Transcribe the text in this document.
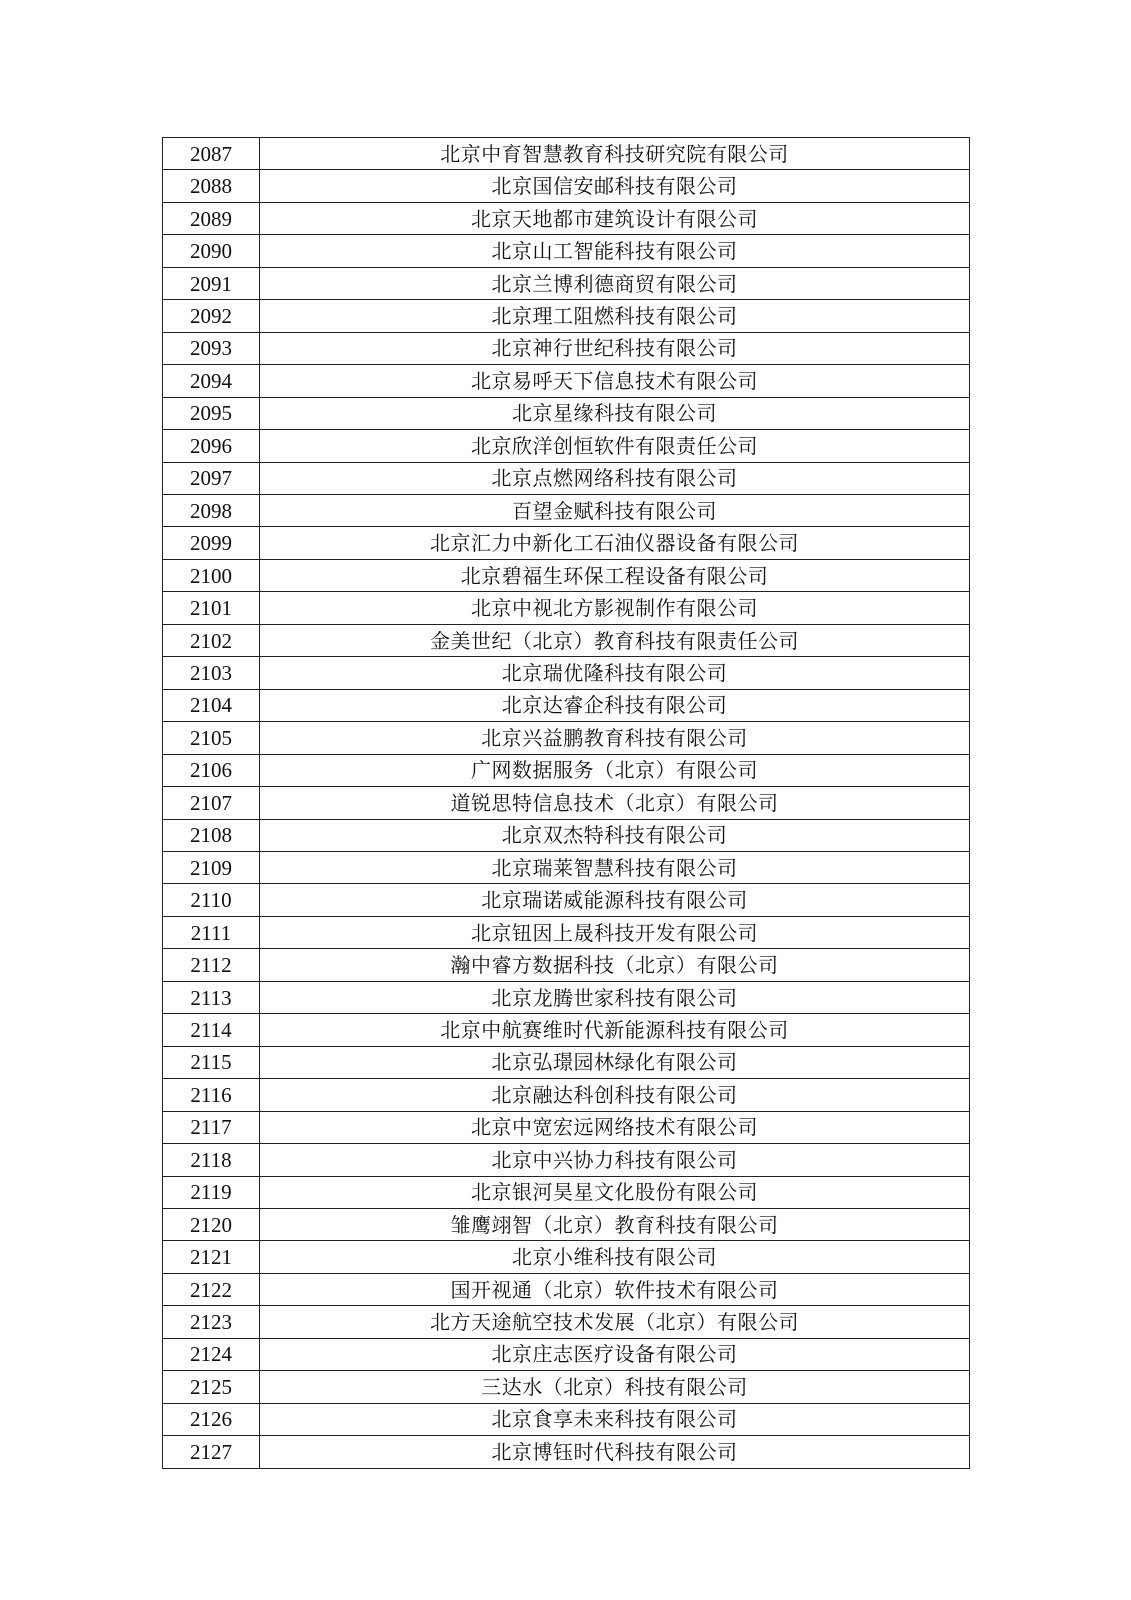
2087	北京中育智慧教育科技研究院有限公司
2088	北京国信安邮科技有限公司
2089	北京天地都市建筑设计有限公司
2090	北京山工智能科技有限公司
2091	北京兰博利德商贸有限公司
2092	北京理工阻燃科技有限公司
2093	北京神行世纪科技有限公司
2094	北京易呼天下信息技术有限公司
2095	北京星缘科技有限公司
2096	北京欣洋创恒软件有限责任公司
2097	北京点燃网络科技有限公司
2098	百望金赋科技有限公司
2099	北京汇力中新化工石油仪器设备有限公司
2100	北京碧福生环保工程设备有限公司
2101	北京中视北方影视制作有限公司
2102	金美世纪（北京）教育科技有限责任公司
2103	北京瑞优隆科技有限公司
2104	北京达睿企科技有限公司
2105	北京兴益鹏教育科技有限公司
2106	广网数据服务（北京）有限公司
2107	道锐思特信息技术（北京）有限公司
2108	北京双杰特科技有限公司
2109	北京瑞莱智慧科技有限公司
2110	北京瑞诺威能源科技有限公司
2111	北京钮因上晟科技开发有限公司
2112	瀚中睿方数据科技（北京）有限公司
2113	北京龙腾世家科技有限公司
2114	北京中航赛维时代新能源科技有限公司
2115	北京弘璟园林绿化有限公司
2116	北京融达科创科技有限公司
2117	北京中宽宏远网络技术有限公司
2118	北京中兴协力科技有限公司
2119	北京银河昊星文化股份有限公司
2120	雏鹰翊智（北京）教育科技有限公司
2121	北京小维科技有限公司
2122	国开视通（北京）软件技术有限公司
2123	北方天途航空技术发展（北京）有限公司
2124	北京庄志医疗设备有限公司
2125	三达水（北京）科技有限公司
2126	北京食享未来科技有限公司
2127	北京博钰时代科技有限公司
